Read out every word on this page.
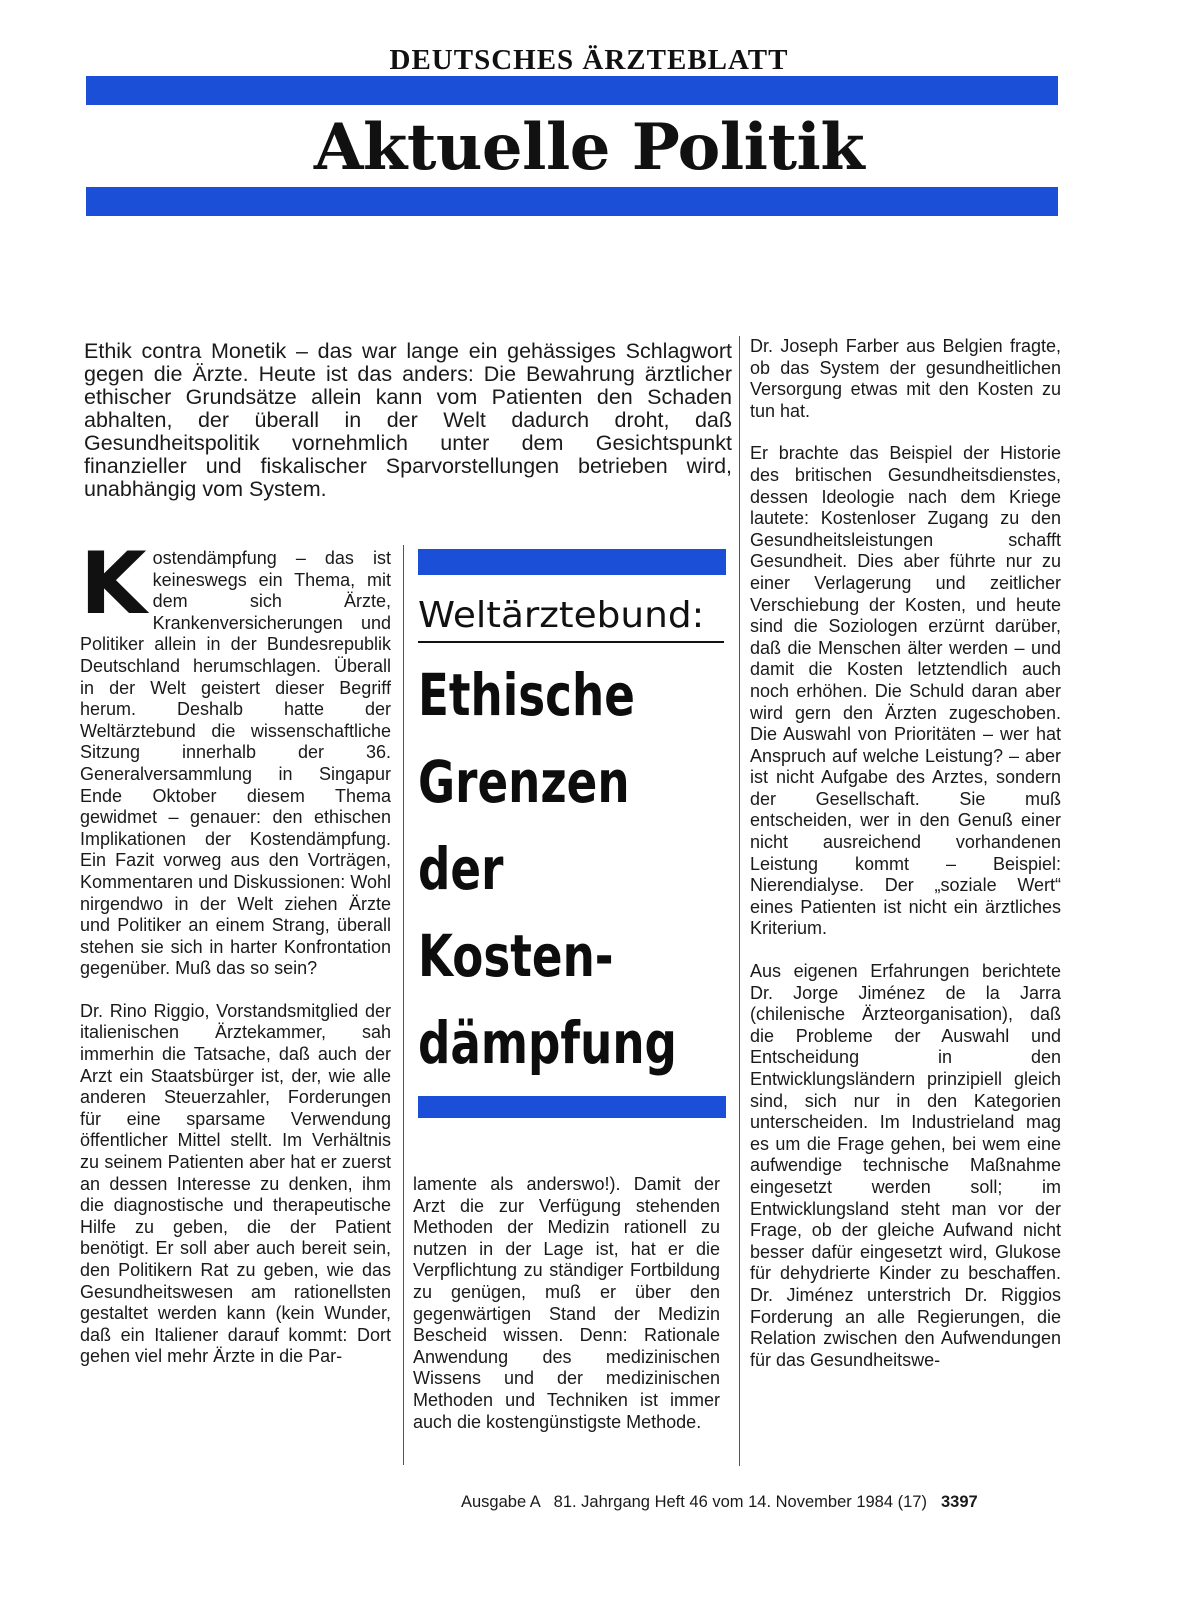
DEUTSCHES ÄRZTEBLATT
Aktuelle Politik

Ethik contra Monetik – das war lange ein gehässiges Schlagwort gegen die Ärzte. Heute ist das anders: Die Bewahrung ärztlicher ethischer Grundsätze allein kann vom Patienten den Schaden abhalten, der überall in der Welt dadurch droht, daß Gesundheitspolitik vornehmlich unter dem Gesichtspunkt finanzieller und fiskalischer Sparvorstellungen betrieben wird, unabhängig vom System.

Kostendämpfung – das ist keineswegs ein Thema, mit dem sich Ärzte, Krankenversicherungen und Politiker allein in der Bundesrepublik Deutschland herumschlagen. Überall in der Welt geistert dieser Begriff herum. Deshalb hatte der Weltärztebund die wissenschaftliche Sitzung innerhalb der 36. Generalversammlung in Singapur Ende Oktober diesem Thema gewidmet – genauer: den ethischen Implikationen der Kostendämpfung. Ein Fazit vorweg aus den Vorträgen, Kommentaren und Diskussionen: Wohl nirgendwo in der Welt ziehen Ärzte und Politiker an einem Strang, überall stehen sie sich in harter Konfrontation gegenüber. Muß das so sein?

Dr. Rino Riggio, Vorstandsmitglied der italienischen Ärztekammer, sah immerhin die Tatsache, daß auch der Arzt ein Staatsbürger ist, der, wie alle anderen Steuerzahler, Forderungen für eine sparsame Verwendung öffentlicher Mittel stellt. Im Verhältnis zu seinem Patienten aber hat er zuerst an dessen Interesse zu denken, ihm die diagnostische und therapeutische Hilfe zu geben, die der Patient benötigt. Er soll aber auch bereit sein, den Politikern Rat zu geben, wie das Gesundheitswesen am rationellsten gestaltet werden kann (kein Wunder, daß ein Italiener darauf kommt: Dort gehen viel mehr Ärzte in die Par-

Weltärztebund:
Ethische
Grenzen
der
Kosten-
dämpfung

lamente als anderswo!). Damit der Arzt die zur Verfügung stehenden Methoden der Medizin rationell zu nutzen in der Lage ist, hat er die Verpflichtung zu ständiger Fortbildung zu genügen, muß er über den gegenwärtigen Stand der Medizin Bescheid wissen. Denn: Rationale Anwendung des medizinischen Wissens und der medizinischen Methoden und Techniken ist immer auch die kostengünstigste Methode.

Dr. Joseph Farber aus Belgien fragte, ob das System der gesundheitlichen Versorgung etwas mit den Kosten zu tun hat.

Er brachte das Beispiel der Historie des britischen Gesundheitsdienstes, dessen Ideologie nach dem Kriege lautete: Kostenloser Zugang zu den Gesundheitsleistungen schafft Gesundheit. Dies aber führte nur zu einer Verlagerung und zeitlicher Verschiebung der Kosten, und heute sind die Soziologen erzürnt darüber, daß die Menschen älter werden – und damit die Kosten letztendlich auch noch erhöhen. Die Schuld daran aber wird gern den Ärzten zugeschoben. Die Auswahl von Prioritäten – wer hat Anspruch auf welche Leistung? – aber ist nicht Aufgabe des Arztes, sondern der Gesellschaft. Sie muß entscheiden, wer in den Genuß einer nicht ausreichend vorhandenen Leistung kommt – Beispiel: Nierendialyse. Der „soziale Wert“ eines Patienten ist nicht ein ärztliches Kriterium.

Aus eigenen Erfahrungen berichtete Dr. Jorge Jiménez de la Jarra (chilenische Ärzteorganisation), daß die Probleme der Auswahl und Entscheidung in den Entwicklungsländern prinzipiell gleich sind, sich nur in den Kategorien unterscheiden. Im Industrieland mag es um die Frage gehen, bei wem eine aufwendige technische Maßnahme eingesetzt werden soll; im Entwicklungsland steht man vor der Frage, ob der gleiche Aufwand nicht besser dafür eingesetzt wird, Glukose für dehydrierte Kinder zu beschaffen. Dr. Jiménez unterstrich Dr. Riggios Forderung an alle Regierungen, die Relation zwischen den Aufwendungen für das Gesundheitswe-

Ausgabe A   81. Jahrgang Heft 46 vom 14. November 1984 (17) 3397
